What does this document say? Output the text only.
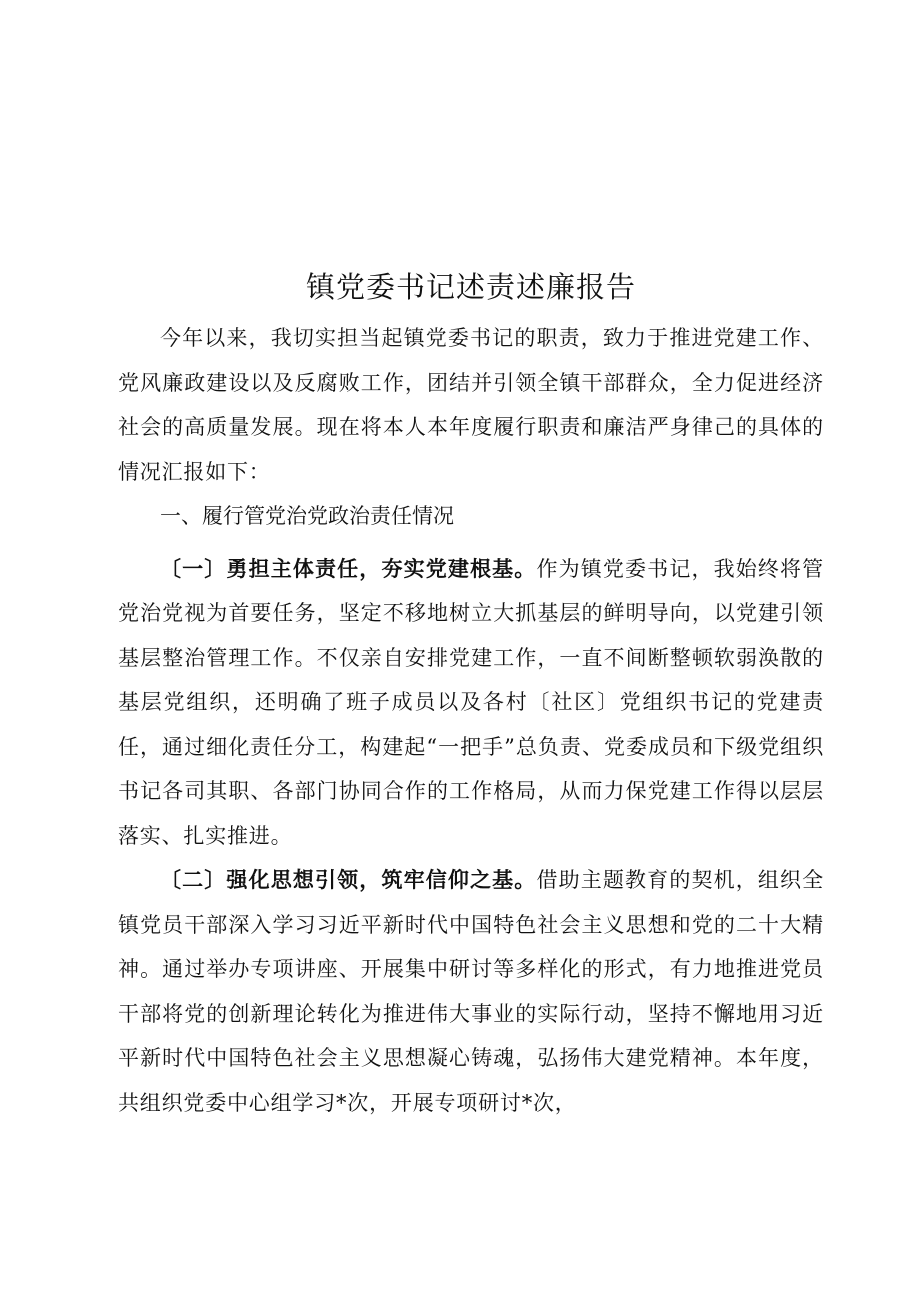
镇党委书记述责述廉报告

今年以来，我切实担当起镇党委书记的职责，致力于推进党建工作、党风廉政建设以及反腐败工作，团结并引领全镇干部群众，全力促进经济社会的高质量发展。现在将本人本年度履行职责和廉洁严身律己的具体的情况汇报如下：

一、履行管党治党政治责任情况

〔一〕勇担主体责任，夯实党建根基。作为镇党委书记，我始终将管党治党视为首要任务，坚定不移地树立大抓基层的鲜明导向，以党建引领基层整治管理工作。不仅亲自安排党建工作，一直不间断整顿软弱涣散的基层党组织，还明确了班子成员以及各村〔社区〕党组织书记的党建责任，通过细化责任分工，构建起“一把手”总负责、党委成员和下级党组织书记各司其职、各部门协同合作的工作格局，从而力保党建工作得以层层落实、扎实推进。

〔二〕强化思想引领，筑牢信仰之基。借助主题教育的契机，组织全镇党员干部深入学习习近平新时代中国特色社会主义思想和党的二十大精神。通过举办专项讲座、开展集中研讨等多样化的形式，有力地推进党员干部将党的创新理论转化为推进伟大事业的实际行动，坚持不懈地用习近平新时代中国特色社会主义思想凝心铸魂，弘扬伟大建党精神。本年度，共组织党委中心组学习*次，开展专项研讨*次，
